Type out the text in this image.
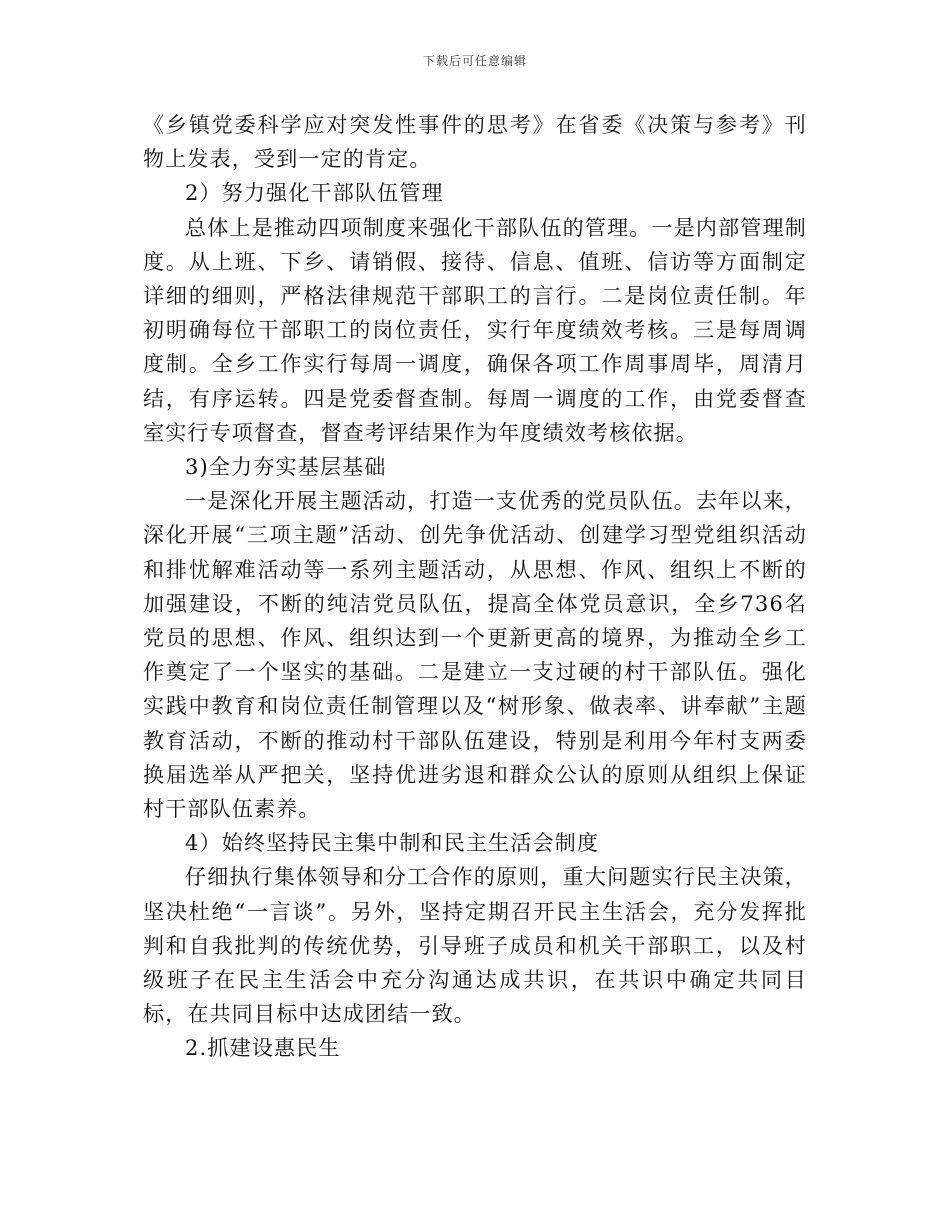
下载后可任意编辑

《乡镇党委科学应对突发性事件的思考》在省委《决策与参考》刊物上发表，受到一定的肯定。

2）努力强化干部队伍管理

总体上是推动四项制度来强化干部队伍的管理。一是内部管理制度。从上班、下乡、请销假、接待、信息、值班、信访等方面制定详细的细则，严格法律规范干部职工的言行。二是岗位责任制。年初明确每位干部职工的岗位责任，实行年度绩效考核。三是每周调度制。全乡工作实行每周一调度，确保各项工作周事周毕，周清月结，有序运转。四是党委督查制。每周一调度的工作，由党委督查室实行专项督查，督查考评结果作为年度绩效考核依据。

3)全力夯实基层基础

一是深化开展主题活动，打造一支优秀的党员队伍。去年以来，深化开展“三项主题”活动、创先争优活动、创建学习型党组织活动和排忧解难活动等一系列主题活动，从思想、作风、组织上不断的加强建设，不断的纯洁党员队伍，提高全体党员意识，全乡736名党员的思想、作风、组织达到一个更新更高的境界，为推动全乡工作奠定了一个坚实的基础。二是建立一支过硬的村干部队伍。强化实践中教育和岗位责任制管理以及“树形象、做表率、讲奉献”主题教育活动，不断的推动村干部队伍建设，特别是利用今年村支两委换届选举从严把关，坚持优进劣退和群众公认的原则从组织上保证村干部队伍素养。

4）始终坚持民主集中制和民主生活会制度

仔细执行集体领导和分工合作的原则，重大问题实行民主决策，坚决杜绝“一言谈”。另外，坚持定期召开民主生活会，充分发挥批判和自我批判的传统优势，引导班子成员和机关干部职工，以及村级班子在民主生活会中充分沟通达成共识，在共识中确定共同目标，在共同目标中达成团结一致。

2.抓建设惠民生
